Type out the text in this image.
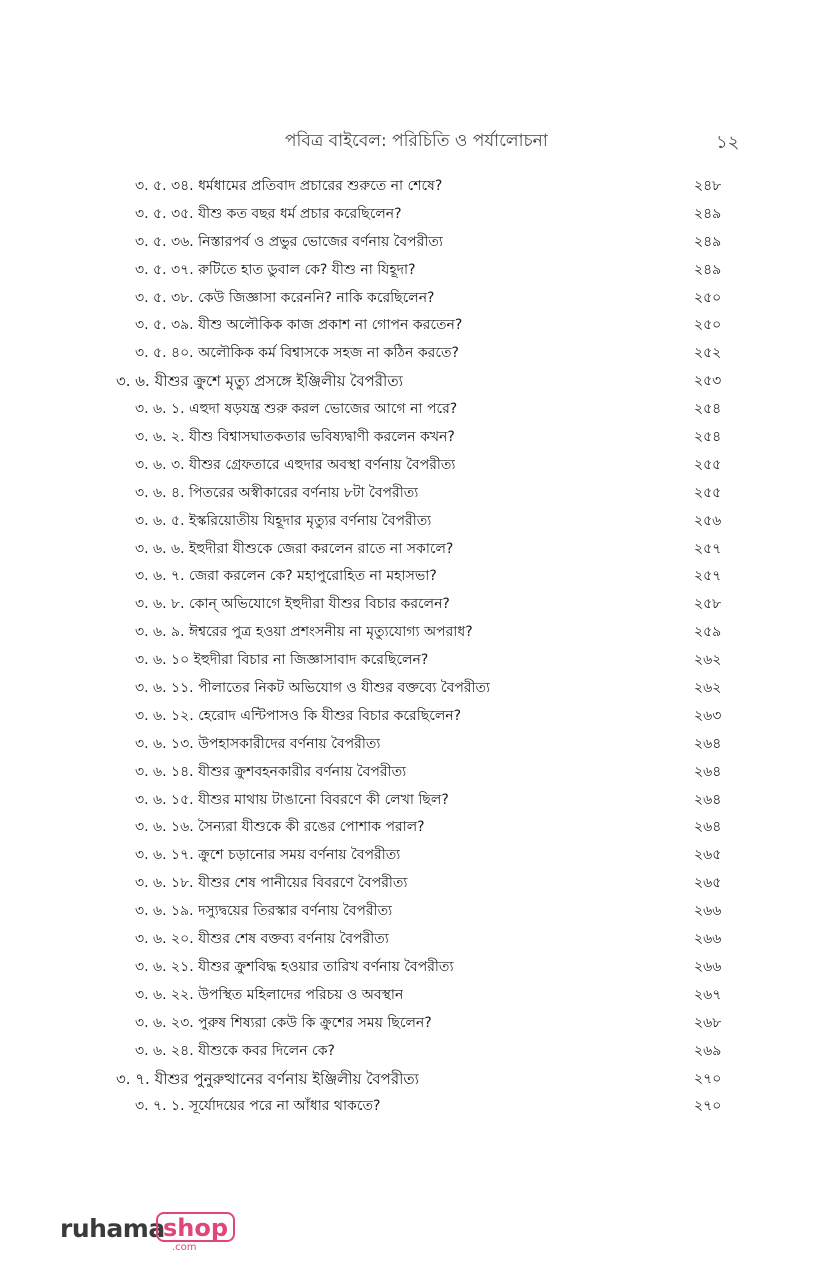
পবিত্র বাইবেল: পরিচিতি ও পর্যালোচনা	১২
৩. ৫. ৩৪. ধর্মধামের প্রতিবাদ প্রচারের শুরুতে না শেষে?	২৪৮
৩. ৫. ৩৫. যীশু কত বছর ধর্ম প্রচার করেছিলেন?	২৪৯
৩. ৫. ৩৬. নিস্তারপর্ব ও প্রভুর ভোজের বর্ণনায় বৈপরীত্য	২৪৯
৩. ৫. ৩৭. রুটিতে হাত ডুবাল কে? যীশু না যিহূদা?	২৪৯
৩. ৫. ৩৮. কেউ জিজ্ঞাসা করেননি? নাকি করেছিলেন?	২৫০
৩. ৫. ৩৯. যীশু অলৌকিক কাজ প্রকাশ না গোপন করতেন?	২৫০
৩. ৫. ৪০. অলৌকিক কর্ম বিশ্বাসকে সহজ না কঠিন করতে?	২৫২
৩. ৬. যীশুর ক্রুশে মৃত্যু প্রসঙ্গে ইঞ্জিলীয় বৈপরীত্য	২৫৩
৩. ৬. ১. এহুদা ষড়যন্ত্র শুরু করল ভোজের আগে না পরে?	২৫৪
৩. ৬. ২. যীশু বিশ্বাসঘাতকতার ভবিষ্যদ্বাণী করলেন কখন?	২৫৪
৩. ৬. ৩. যীশুর গ্রেফতারে এহুদার অবস্থা বর্ণনায় বৈপরীত্য	২৫৫
৩. ৬. ৪. পিতরের অস্বীকারের বর্ণনায় ৮টা বৈপরীত্য	২৫৫
৩. ৬. ৫. ইস্করিয়োতীয় যিহূদার মৃত্যুর বর্ণনায় বৈপরীত্য	২৫৬
৩. ৬. ৬. ইহুদীরা যীশুকে জেরা করলেন রাতে না সকালে?	২৫৭
৩. ৬. ৭. জেরা করলেন কে? মহাপুরোহিত না মহাসভা?	২৫৭
৩. ৬. ৮. কোন্ অভিযোগে ইহুদীরা যীশুর বিচার করলেন?	২৫৮
৩. ৬. ৯. ঈশ্বরের পুত্র হওয়া প্রশংসনীয় না মৃত্যুযোগ্য অপরাধ?	২৫৯
৩. ৬. ১০ ইহুদীরা বিচার না জিজ্ঞাসাবাদ করেছিলেন?	২৬২
৩. ৬. ১১. পীলাতের নিকট অভিযোগ ও যীশুর বক্তব্যে বৈপরীত্য	২৬২
৩. ৬. ১২. হেরোদ এন্টিপাসও কি যীশুর বিচার করেছিলেন?	২৬৩
৩. ৬. ১৩. উপহাসকারীদের বর্ণনায় বৈপরীত্য	২৬৪
৩. ৬. ১৪. যীশুর ক্রুশবহনকারীর বর্ণনায় বৈপরীত্য	২৬৪
৩. ৬. ১৫. যীশুর মাথায় টাঙানো বিবরণে কী লেখা ছিল?	২৬৪
৩. ৬. ১৬. সৈন্যরা যীশুকে কী রঙের পোশাক পরাল?	২৬৪
৩. ৬. ১৭. ক্রুশে চড়ানোর সময় বর্ণনায় বৈপরীত্য	২৬৫
৩. ৬. ১৮. যীশুর শেষ পানীয়ের বিবরণে বৈপরীত্য	২৬৫
৩. ৬. ১৯. দস্যুদ্বয়ের তিরস্কার বর্ণনায় বৈপরীত্য	২৬৬
৩. ৬. ২০. যীশুর শেষ বক্তব্য বর্ণনায় বৈপরীত্য	২৬৬
৩. ৬. ২১. যীশুর ক্রুশবিদ্ধ হওয়ার তারিখ বর্ণনায় বৈপরীত্য	২৬৬
৩. ৬. ২২. উপস্থিত মহিলাদের পরিচয় ও অবস্থান	২৬৭
৩. ৬. ২৩. পুরুষ শিষ্যরা কেউ কি ক্রুশের সময় ছিলেন?	২৬৮
৩. ৬. ২৪. যীশুকে কবর দিলেন কে?	২৬৯
৩. ৭. যীশুর পুনুরুত্থানের বর্ণনায় ইঞ্জিলীয় বৈপরীত্য	২৭০
৩. ৭. ১. সূর্যোদয়ের পরে না আঁধার থাকতে?	২৭০
ruhama
shop
.com
